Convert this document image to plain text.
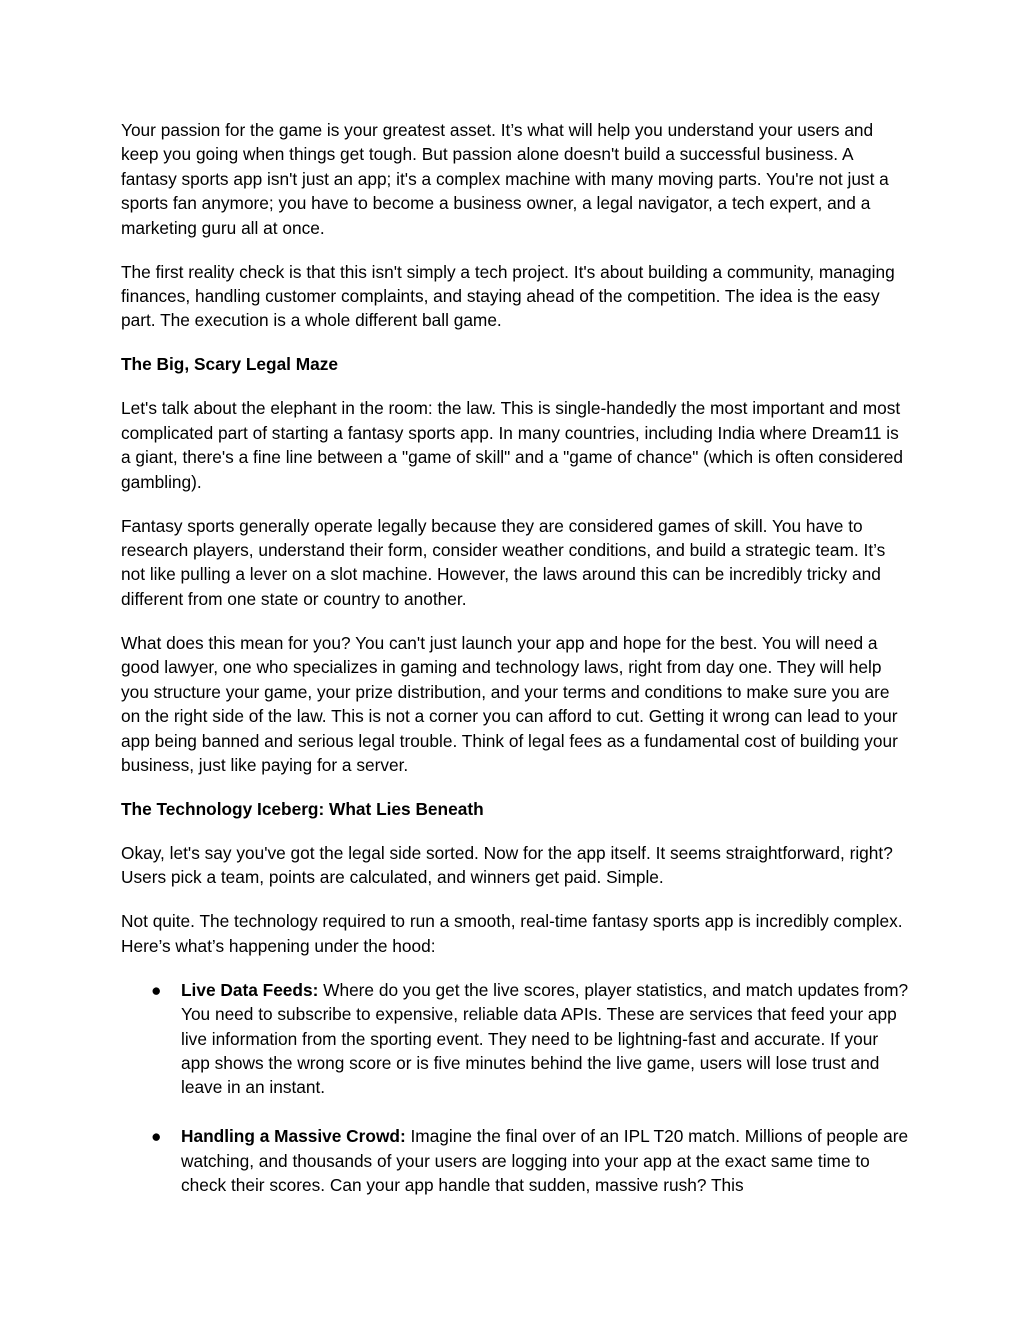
Your passion for the game is your greatest asset. It’s what will help you understand your users and keep you going when things get tough. But passion alone doesn't build a successful business. A fantasy sports app isn't just an app; it's a complex machine with many moving parts. You're not just a sports fan anymore; you have to become a business owner, a legal navigator, a tech expert, and a marketing guru all at once.

The first reality check is that this isn't simply a tech project. It's about building a community, managing finances, handling customer complaints, and staying ahead of the competition. The idea is the easy part. The execution is a whole different ball game.

The Big, Scary Legal Maze

Let's talk about the elephant in the room: the law. This is single-handedly the most important and most complicated part of starting a fantasy sports app. In many countries, including India where Dream11 is a giant, there's a fine line between a "game of skill" and a "game of chance" (which is often considered gambling).

Fantasy sports generally operate legally because they are considered games of skill. You have to research players, understand their form, consider weather conditions, and build a strategic team. It’s not like pulling a lever on a slot machine. However, the laws around this can be incredibly tricky and different from one state or country to another.

What does this mean for you? You can't just launch your app and hope for the best. You will need a good lawyer, one who specializes in gaming and technology laws, right from day one. They will help you structure your game, your prize distribution, and your terms and conditions to make sure you are on the right side of the law. This is not a corner you can afford to cut. Getting it wrong can lead to your app being banned and serious legal trouble. Think of legal fees as a fundamental cost of building your business, just like paying for a server.

The Technology Iceberg: What Lies Beneath

Okay, let's say you've got the legal side sorted. Now for the app itself. It seems straightforward, right? Users pick a team, points are calculated, and winners get paid. Simple.

Not quite. The technology required to run a smooth, real-time fantasy sports app is incredibly complex. Here’s what’s happening under the hood:

● Live Data Feeds: Where do you get the live scores, player statistics, and match updates from? You need to subscribe to expensive, reliable data APIs. These are services that feed your app live information from the sporting event. They need to be lightning-fast and accurate. If your app shows the wrong score or is five minutes behind the live game, users will lose trust and leave in an instant.
● Handling a Massive Crowd: Imagine the final over of an IPL T20 match. Millions of people are watching, and thousands of your users are logging into your app at the exact same time to check their scores. Can your app handle that sudden, massive rush? This
